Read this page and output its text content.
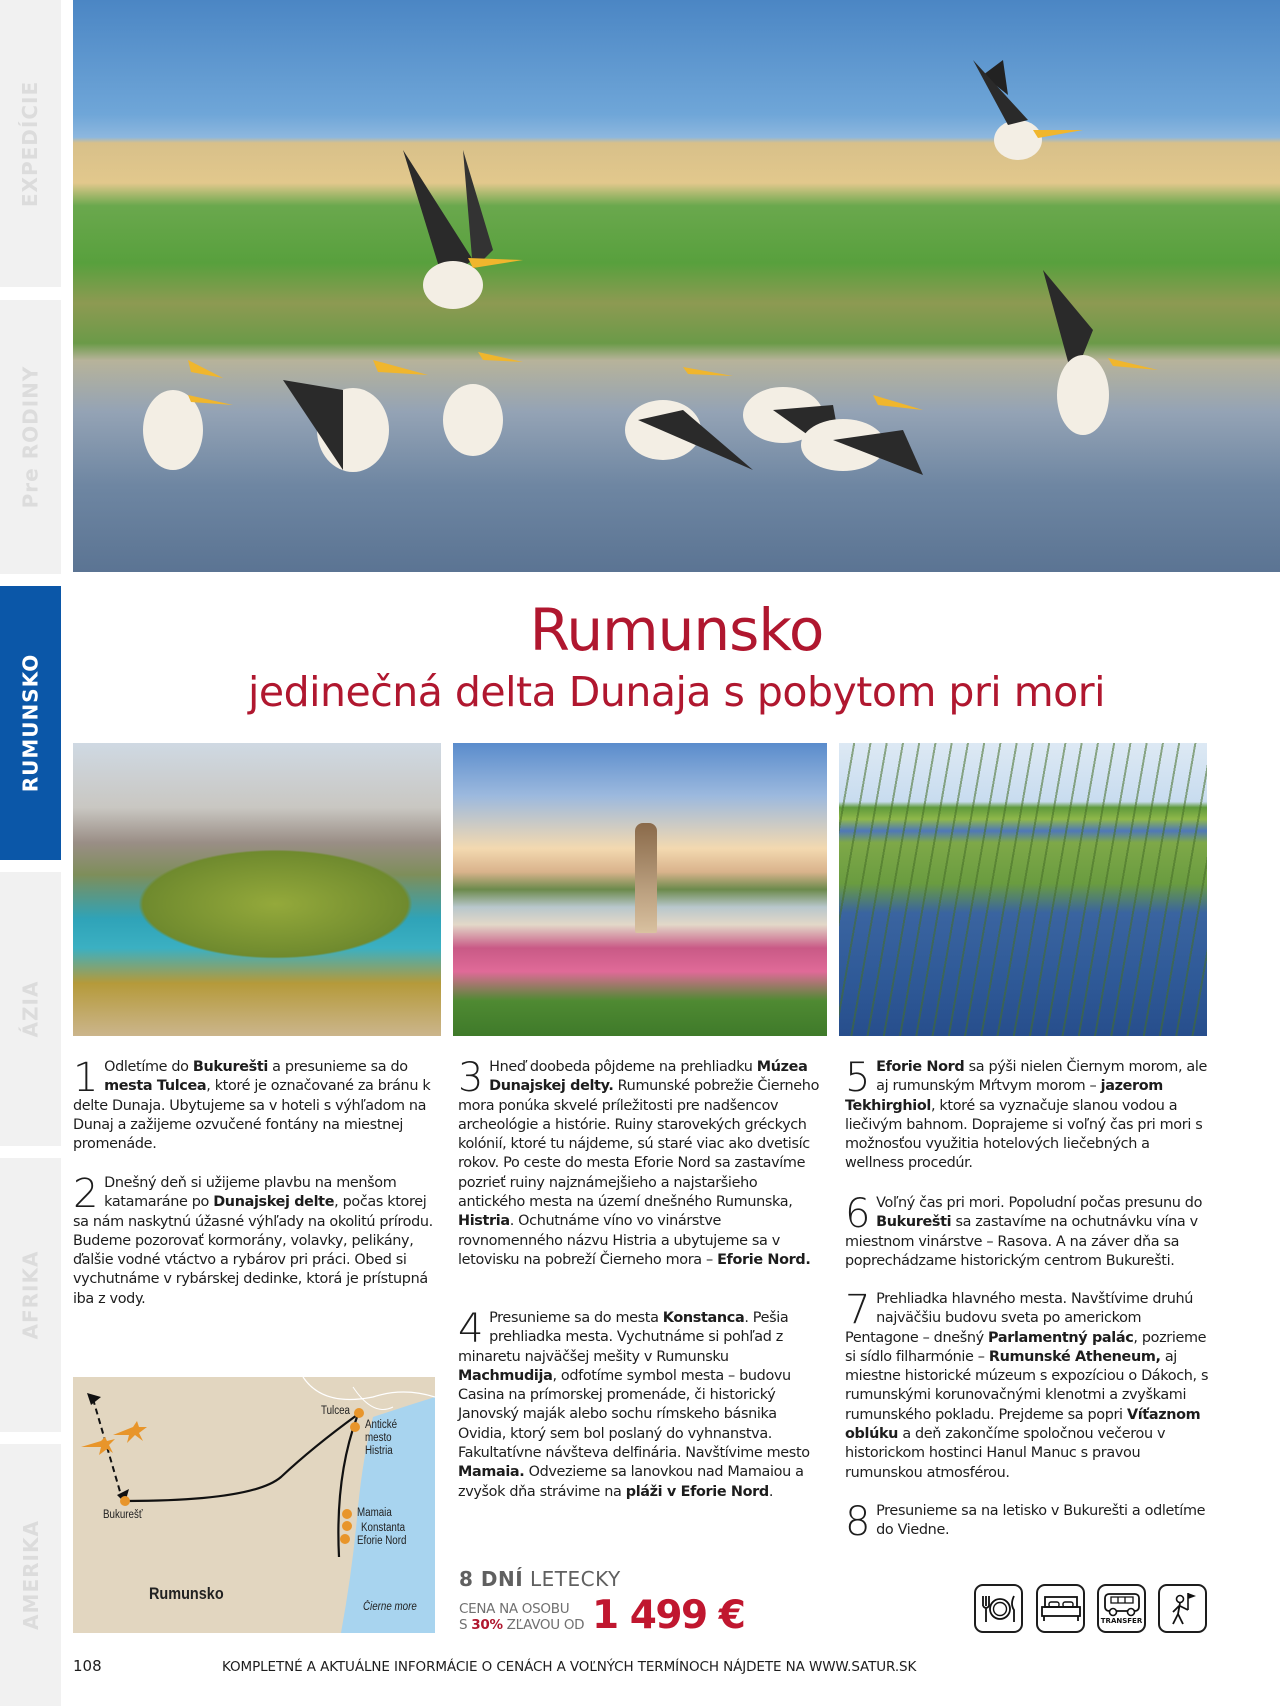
EXPEDÍCIE
Pre RODINY
RUMUNSKO
ÁZIA
AFRIKA
AMERIKA
Rumunsko
jedinečná delta Dunaja s pobytom pri mori
1 Odletíme do Bukurešti a presunieme sa do mesta Tulcea, ktoré je označované za bránu k delte Dunaja. Ubytujeme sa v hoteli s výhľadom na Dunaj a zažijeme ozvučené fontány na miestnej promenáde.
2 Dnešný deň si užijeme plavbu na menšom katamaráne po Dunajskej delte, počas ktorej sa nám naskytnú úžasné výhľady na okolitú prírodu. Budeme pozorovať kormorány, volavky, pelikány, ďalšie vodné vtáctvo a rybárov pri práci. Obed si vychutnáme v rybárskej dedinke, ktorá je prístupná iba z vody.
3 Hneď doobeda pôjdeme na prehliadku Múzea Dunajskej delty. Rumunské pobrežie Čierneho mora ponúka skvelé príležitosti pre nadšencov archeológie a histórie. Ruiny starovekých gréckych kolónií, ktoré tu nájdeme, sú staré viac ako dvetisíc rokov. Po ceste do mesta Eforie Nord sa zastavíme pozrieť ruiny najznámejšieho a najstaršieho antického mesta na území dnešného Rumunska, Histria. Ochutnáme víno vo vinárstve rovnomenného názvu Histria a ubytujeme sa v letovisku na pobreží Čierneho mora – Eforie Nord.
4 Presunieme sa do mesta Konstanca. Pešia prehliadka mesta. Vychutnáme si pohľad z minaretu najväčšej mešity v Rumunsku Machmudija, odfotíme symbol mesta – budovu Casina na prímorskej promenáde, či historický Janovský maják alebo sochu rímskeho básnika Ovidia, ktorý sem bol poslaný do vyhnanstva. Fakultatívne návšteva delfinária. Navštívime mesto Mamaia. Odvezieme sa lanovkou nad Mamaiou a zvyšok dňa strávime na pláži v Eforie Nord.
5 Eforie Nord sa pýši nielen Čiernym morom, ale aj rumunským Mŕtvym morom – jazerom Tekhirghiol, ktoré sa vyznačuje slanou vodou a liečivým bahnom. Doprajeme si voľný čas pri mori s možnosťou využitia hotelových liečebných a wellness procedúr.
6 Voľný čas pri mori. Popoludní počas presunu do Bukurešti sa zastavíme na ochutnávku vína v miestnom vinárstve – Rasova. A na záver dňa sa poprechádzame historickým centrom Bukurešti.
7 Prehliadka hlavného mesta. Navštívime druhú najväčšiu budovu sveta po americkom Pentagone – dnešný Parlamentný palác, pozrieme si sídlo filharmónie – Rumunské Atheneum, aj miestne historické múzeum s expozíciou o Dákoch, s rumunskými korunovačnými klenotmi a zvyškami rumunského pokladu. Prejdeme sa popri Víťaznom oblúku a deň zakončíme spoločnou večerou v historickom hostinci Hanul Manuc s pravou rumunskou atmosférou.
8 Presunieme sa na letisko v Bukurešti a odletíme do Viedne.
Bukurešť
Tulcea
Antické
mesto
Histria
Mamaia
Konstanta
Eforie Nord
Rumunsko
Čierne more
8 DNÍ LETECKY
CENA NA OSOBU
S 30% ZĽAVOU OD 1 499 €	TRANSFER
108	KOMPLETNÉ A AKTUÁLNE INFORMÁCIE O CENÁCH A VOĽNÝCH TERMÍNOCH NÁJDETE NA WWW.SATUR.SK
